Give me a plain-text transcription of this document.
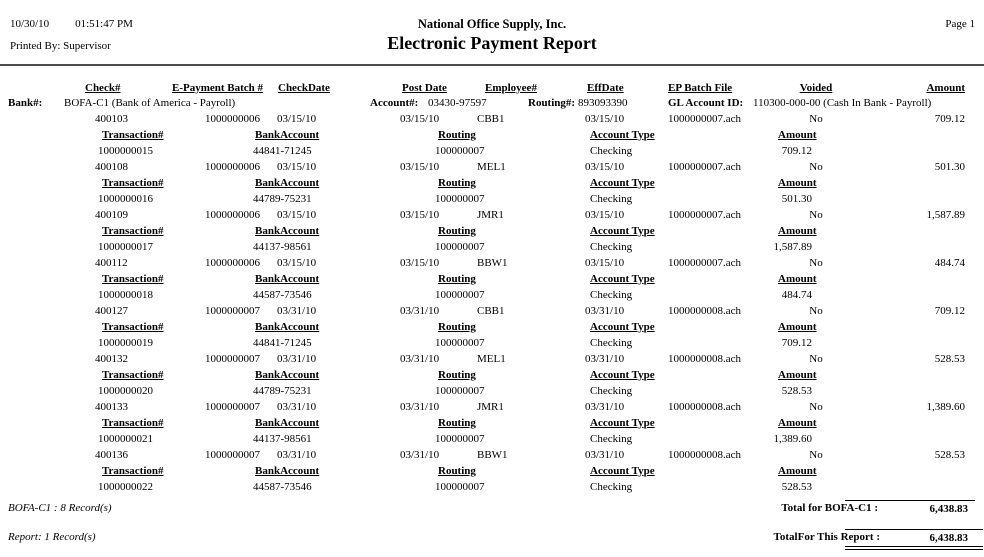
10/30/10 01:51:47 PM
Printed By: Supervisor
National Office Supply, Inc.
Electronic Payment Report
Page 1
Check#	E-Payment Batch # CheckDate	Post Date	Employee#	EffDate	EP Batch File	Voided	Amount
Bank#: BOFA-C1 (Bank of America - Payroll)	Account#: 03430-97597	Routing#: 893093390	GL Account ID: 110300-000-00 (Cash In Bank - Payroll)
400103	1000000006 03/15/10	03/15/10	CBB1	03/15/10	1000000007.ach	No	709.12
Transaction#	BankAccount	Routing	Account Type	Amount
1000000015	44841-71245	100000007	Checking	709.12
400108	1000000006 03/15/10	03/15/10	MEL1	03/15/10	1000000007.ach	No	501.30
Transaction#	BankAccount	Routing	Account Type	Amount
1000000016	44789-75231	100000007	Checking	501.30
400109	1000000006 03/15/10	03/15/10	JMR1	03/15/10	1000000007.ach	No	1,587.89
Transaction#	BankAccount	Routing	Account Type	Amount
1000000017	44137-98561	100000007	Checking	1,587.89
400112	1000000006 03/15/10	03/15/10	BBW1	03/15/10	1000000007.ach	No	484.74
Transaction#	BankAccount	Routing	Account Type	Amount
1000000018	44587-73546	100000007	Checking	484.74
400127	1000000007 03/31/10	03/31/10	CBB1	03/31/10	1000000008.ach	No	709.12
Transaction#	BankAccount	Routing	Account Type	Amount
1000000019	44841-71245	100000007	Checking	709.12
400132	1000000007 03/31/10	03/31/10	MEL1	03/31/10	1000000008.ach	No	528.53
Transaction#	BankAccount	Routing	Account Type	Amount
1000000020	44789-75231	100000007	Checking	528.53
400133	1000000007 03/31/10	03/31/10	JMR1	03/31/10	1000000008.ach	No	1,389.60
Transaction#	BankAccount	Routing	Account Type	Amount
1000000021	44137-98561	100000007	Checking	1,389.60
400136	1000000007 03/31/10	03/31/10	BBW1	03/31/10	1000000008.ach	No	528.53
Transaction#	BankAccount	Routing	Account Type	Amount
1000000022	44587-73546	100000007	Checking	528.53
BOFA-C1 : 8 Record(s)	Total for BOFA-C1 :	6,438.83
Report: 1 Record(s)	TotalFor This Report :	6,438.83
